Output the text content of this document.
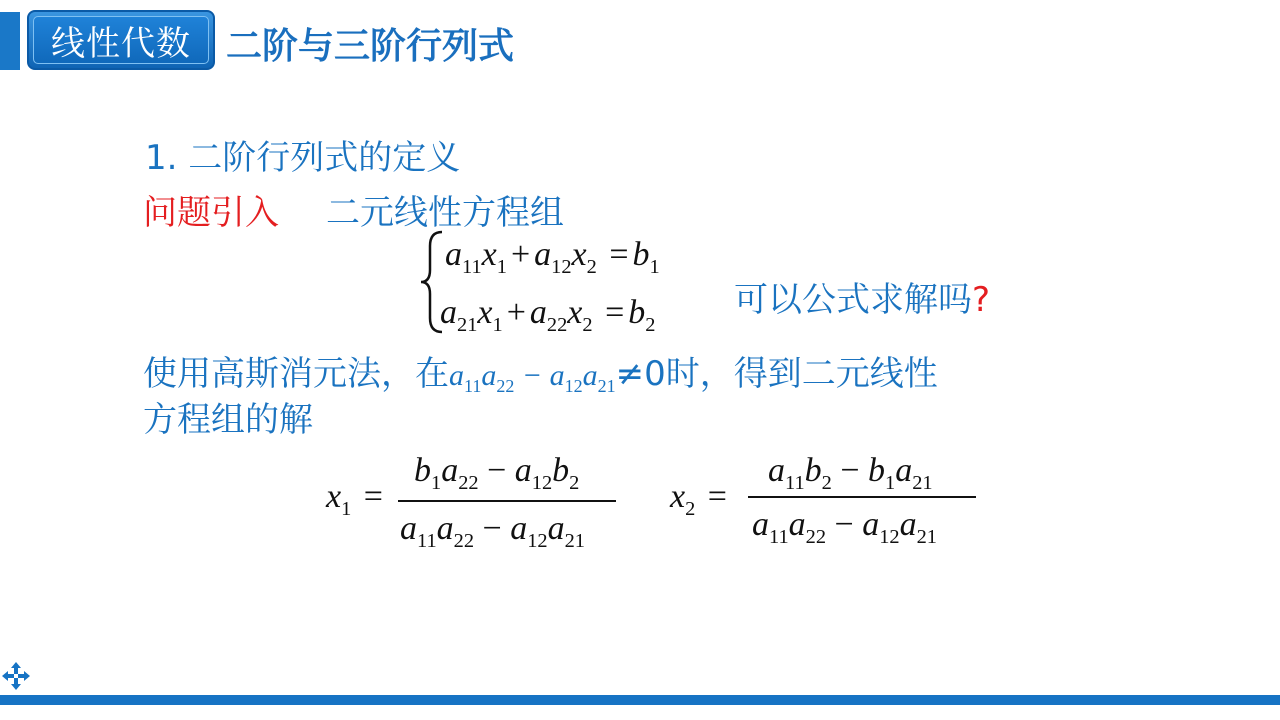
线性代数 二阶与三阶行列式
1. 二阶行列式的定义
问题引入 二元线性方程组
$a_{11}x_1 + a_{12}x_2 = b_1$
$a_{21}x_1 + a_{22}x_2 = b_2$
可以公式求解吗?
使用高斯消元法，在$a_{11}a_{22} - a_{12}a_{21}\ne 0$时，得到二元线性
方程组的解
$x_1$ =
$b_1a_{22} - a_{12}b_2$
$a_{11}a_{22} - a_{12}a_{21}$
$x_2$ =
$a_{11}b_2 - b_1a_{21}$
$a_{11}a_{22} - a_{12}a_{21}$
